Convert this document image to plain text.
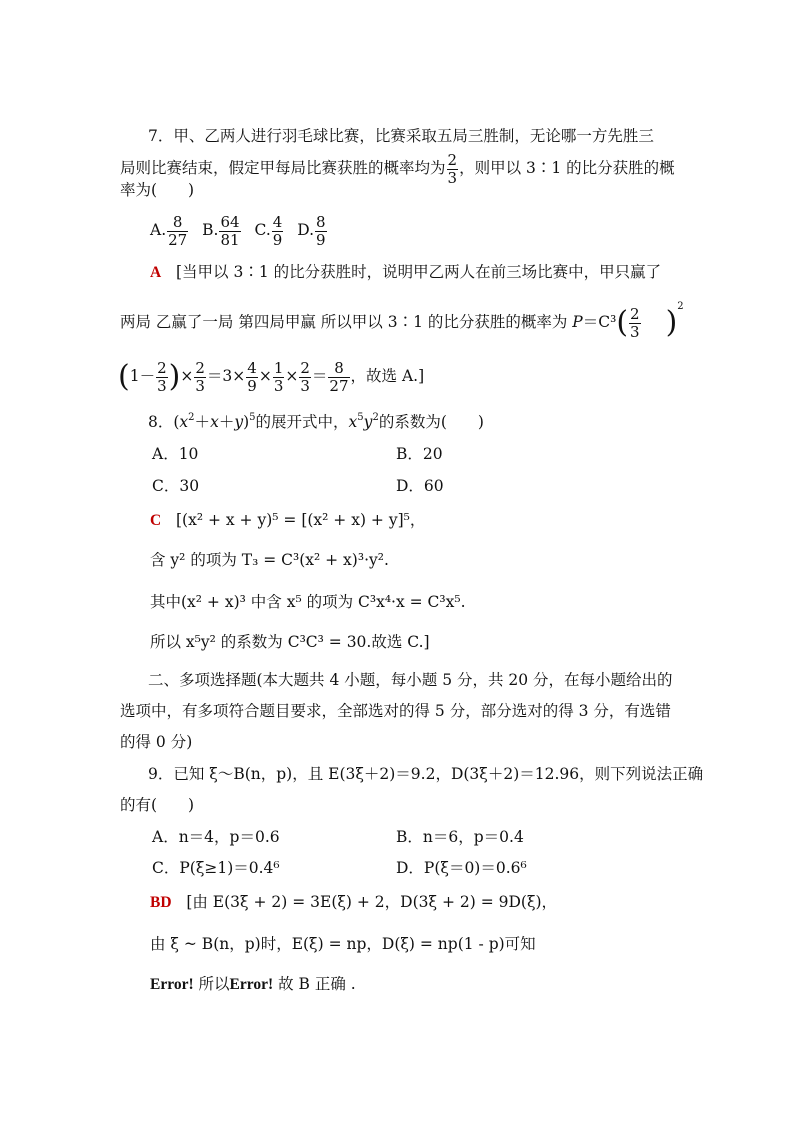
7．甲、乙两人进行羽毛球比赛，比赛采取五局三胜制，无论哪一方先胜三
局则比赛结束，假定甲每局比赛获胜的概率均为 $\frac{2}{3}$ ，则甲以 3∶1 的比分获胜的概
率为(　　)
A. $\frac{8}{27} B$. $\frac{64}{81} C$. $\frac{4}{9} D$. $\frac{8}{9}$
A [当甲以 3∶1 的比分获胜时，说明甲乙两人在前三场比赛中，甲只赢了
两局 乙赢了一局 第四局甲赢 所以甲以 3∶1 的比分获胜的概率为 $P=C^3( \frac{2}{3} )^2$
($1- \frac{2}{3}$ )× $\frac{2}{3} =3\times \frac{4}{9} \times \frac{1}{3} \times \frac{2}{3} = \frac{8}{27}$ ，故选 A.]
8．$(x^2+x+y)^5$的展开式中，$x^5y^2$的系数为(　　)
A．10	B．20
C．30	D．60
C [(x² + x + y)⁵ = [(x² + x) + y]⁵，
含 y² 的项为 T₃ = C³(x² + x)³·y².
其中(x² + x)³ 中含 x⁵ 的项为 C³x⁴·x = C³x⁵.
所以 x⁵y² 的系数为 C³C³ = 30.故选 C.]
二、多项选择题(本大题共 4 小题，每小题 5 分，共 20 分，在每小题给出的
选项中，有多项符合题目要求，全部选对的得 5 分，部分选对的得 3 分，有选错
的得 0 分)
9．已知 ξ～B(n，p)，且 E(3ξ＋2)＝9.2，D(3ξ＋2)＝12.96，则下列说法正确
的有(　　)
A．n＝4，p＝0.6	B．n＝6，p＝0.4
C．P(ξ≥1)＝0.4⁶	D．P(ξ＝0)＝0.6⁶
BD [由 E(3ξ + 2) = 3E(ξ) + 2，D(3ξ + 2) = 9D(ξ)，
由 ξ ~ B(n，p)时，E(ξ) = np，D(ξ) = np(1 - p)可知
Error! 所以Error! 故 B 正确 .
